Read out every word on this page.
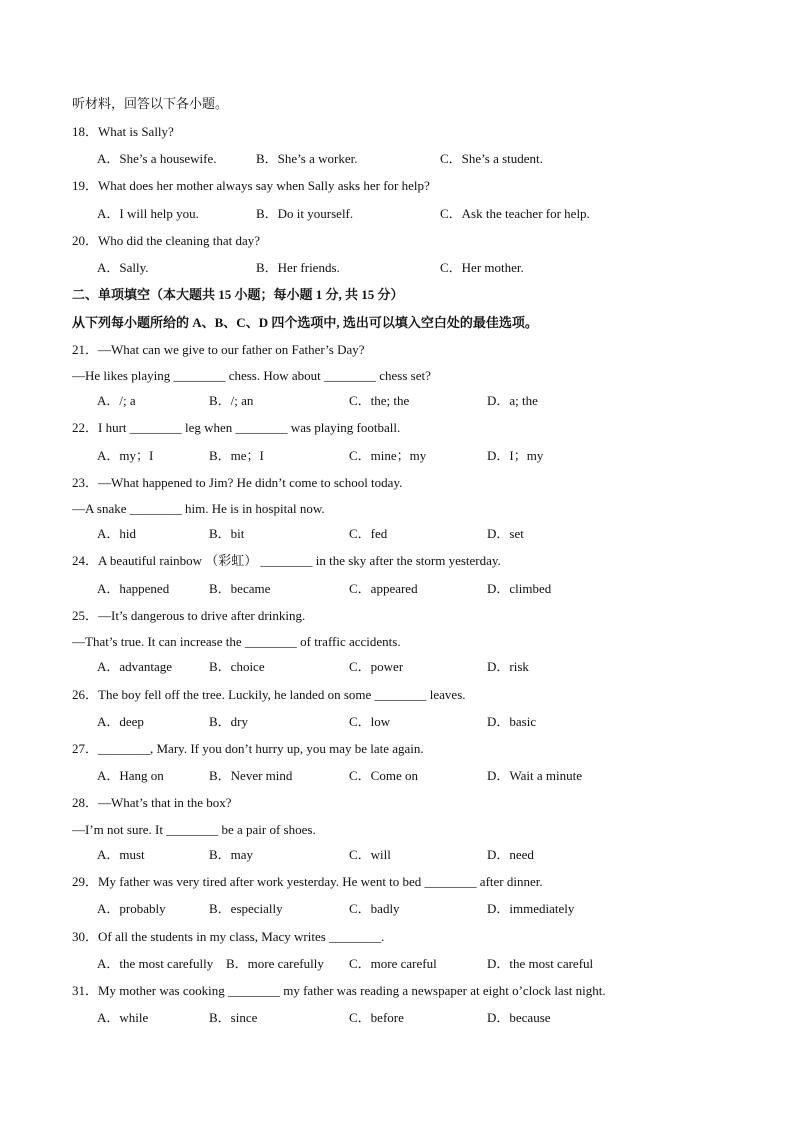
听材料，回答以下各小题。
18．What is Sally?
A．She’s a housewife.	B．She’s a worker.	C．She’s a student.
19．What does her mother always say when Sally asks her for help?
A．I will help you.	B．Do it yourself.	C．Ask the teacher for help.
20．Who did the cleaning that day?
A．Sally.	B．Her friends.	C．Her mother.
二、单项填空（本大题共 15 小题；每小题 1 分, 共 15 分）
从下列每小题所给的 A、B、C、D 四个选项中, 选出可以填入空白处的最佳选项。
21．—What can we give to our father on Father’s Day?
—He likes playing ________ chess. How about ________ chess set?
A．/; a	B．/; an	C．the; the	D．a; the
22．I hurt ________ leg when ________ was playing football.
A．my；I	B．me；I	C．mine；my	D．I；my
23．—What happened to Jim? He didn’t come to school today.
—A snake ________ him. He is in hospital now.
A．hid	B．bit	C．fed	D．set
24．A beautiful rainbow （彩虹） ________ in the sky after the storm yesterday.
A．happened	B．became	C．appeared	D．climbed
25．—It’s dangerous to drive after drinking.
—That’s true. It can increase the ________ of traffic accidents.
A．advantage	B．choice	C．power	D．risk
26．The boy fell off the tree. Luckily, he landed on some ________ leaves.
A．deep	B．dry	C．low	D．basic
27．________, Mary. If you don’t hurry up, you may be late again.
A．Hang on	B．Never mind	C．Come on	D．Wait a minute
28．—What’s that in the box?
—I’m not sure. It ________ be a pair of shoes.
A．must	B．may	C．will	D．need
29．My father was very tired after work yesterday. He went to bed ________ after dinner.
A．probably	B．especially	C．badly	D．immediately
30．Of all the students in my class, Macy writes ________.
A．the most carefully B．more carefully C．more careful	D．the most careful
31．My mother was cooking ________ my father was reading a newspaper at eight o’clock last night.
A．while	B．since	C．before	D．because
